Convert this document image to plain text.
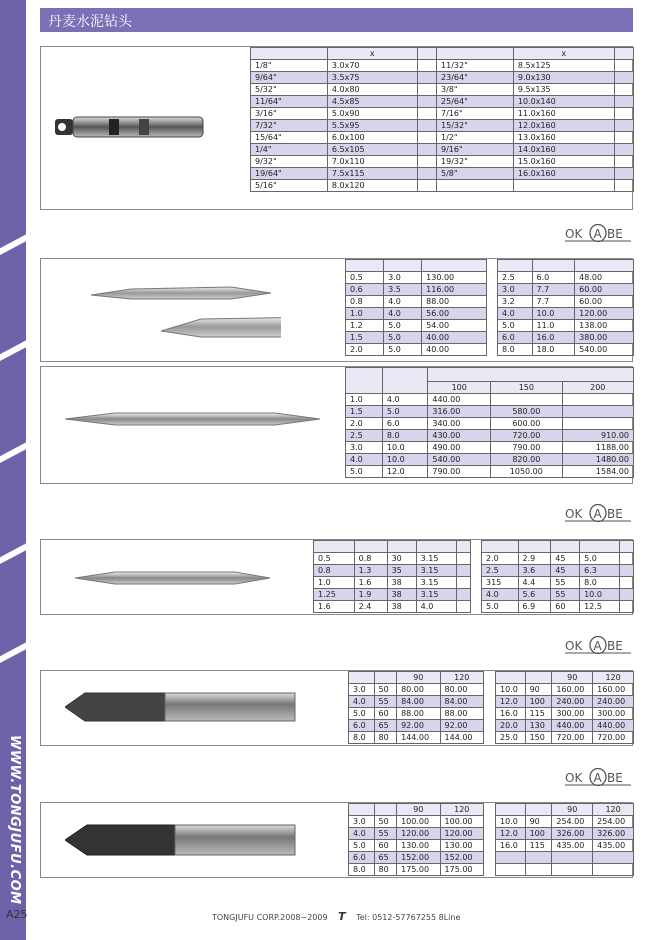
WWW.TONGJUFU.COM
A25
丹麦水泥钻头
	x			x	
1/8"	3.0x70		11/32"	8.5x125	
9/64"	3.5x75		23/64"	9.0x130	
5/32"	4.0x80		3/8"	9.5x135	
11/64"	4.5x85		25/64"	10.0x140	
3/16"	5.0x90		7/16"	11.0x160	
7/32"	5.5x95		15/32"	12.0x160	
15/64"	6.0x100		1/2"	13.0x160	
1/4"	6.5x105		9/16"	14.0x160	
9/32"	7.0x110		19/32"	15.0x160	
19/64"	7.5x115		5/8"	16.0x160	
5/16"	8.0x120				
OK A BE

0.5	3.0	130.00
0.6	3.5	116.00
0.8	4.0	88.00
1.0	4.0	56.00
1.2	5.0	54.00
1.5	5.0	40.00
2.0	5.0	40.00

2.5	6.0	48.00
3.0	7.7	60.00
3.2	7.7	60.00
4.0	10.0	120.00
5.0	11.0	138.00
6.0	16.0	380.00
8.0	18.0	540.00

		100	150	200
1.0	4.0	440.00		
1.5	5.0	316.00	580.00	
2.0	6.0	340.00	600.00	
2.5	8.0	430.00	720.00	910.00
3.0	10.0	490.00	790.00	1188.00
4.0	10.0	540.00	820.00	1480.00
5.0	12.0	790.00	1050.00	1584.00
OK A BE

0.5	0.8	30	3.15	
0.8	1.3	35	3.15	
1.0	1.6	38	3.15	
1.25	1.9	38	3.15	
1.6	2.4	38	4.0	

2.0	2.9	45	5.0	
2.5	3.6	45	6.3	
315	4.4	55	8.0	
4.0	5.6	55	10.0	
5.0	6.9	60	12.5	
OK A BE
		90	120
3.0	50	80.00	80.00
4.0	55	84.00	84.00
5.0	60	88.00	88.00
6.0	65	92.00	92.00
8.0	80	144.00	144.00
		90	120
10.0	90	160.00	160.00
12.0	100	240.00	240.00
16.0	115	300.00	300.00
20.0	130	440.00	440.00
25.0	150	720.00	720.00
OK A BE
		90	120
3.0	50	100.00	100.00
4.0	55	120.00	120.00
5.0	60	130.00	130.00
6.0	65	152.00	152.00
8.0	80	175.00	175.00
		90	120
10.0	90	254.00	254.00
12.0	100	326.00	326.00
16.0	115	435.00	435.00

TONGJUFU CORP.2008~2009 T Tel: 0512-57767255 8Line
